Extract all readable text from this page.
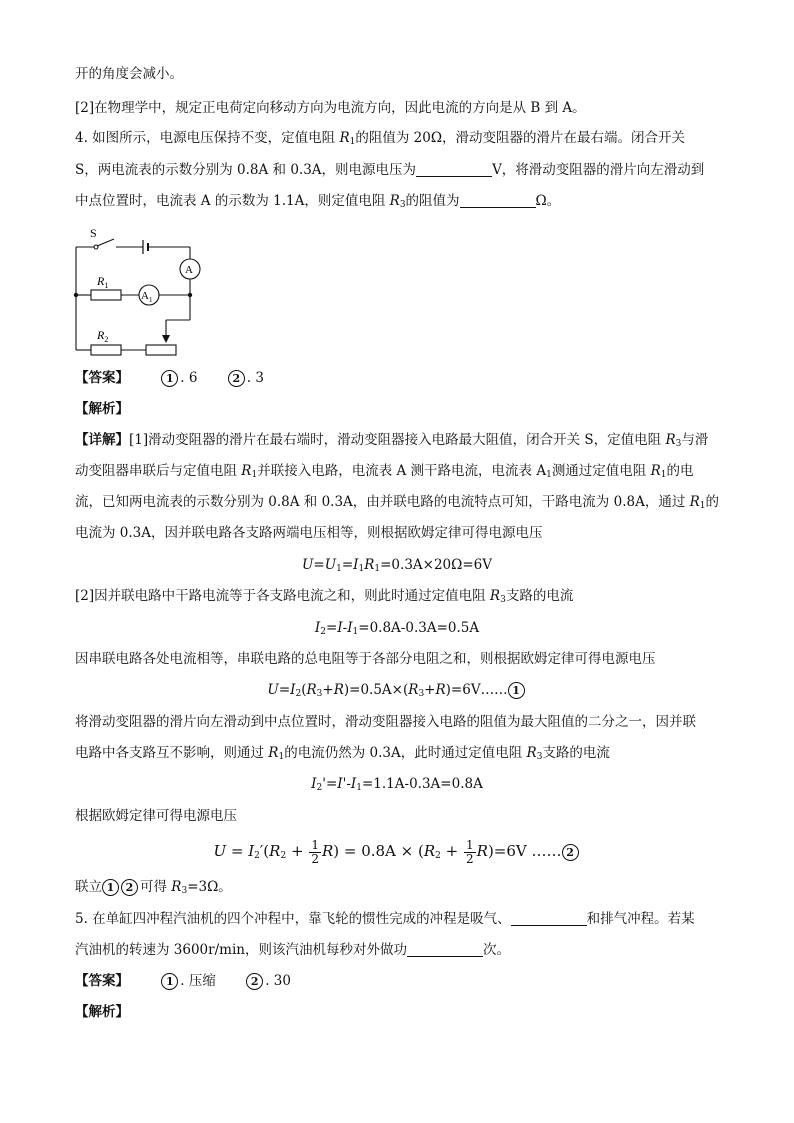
开的角度会减小。
[2]在物理学中，规定正电荷定向移动方向为电流方向，因此电流的方向是从 B 到 A。
4. 如图所示，电源电压保持不变，定值电阻 $R_1$的阻值为 20Ω，滑动变阻器的滑片在最右端。闭合开关
S，两电流表的示数分别为 0.8A 和 0.3A，则电源电压为	V，将滑动变阻器的滑片向左滑动到
中点位置时，电流表 A 的示数为 1.1A，则定值电阻 $R_3$的阻值为	Ω。
S
A
$A_1$
$R_1$
$R_2$
【答案】	1 . 6	2 . 3
【解析】
【详解】[1]滑动变阻器的滑片在最右端时，滑动变阻器接入电路最大阻值，闭合开关 S，定值电阻 $R_3$与滑
动变阻器串联后与定值电阻 $R_1$并联接入电路，电流表 A 测干路电流，电流表 $A_1$测通过定值电阻 $R_1$的电
流，已知两电流表的示数分别为 0.8A 和 0.3A，由并联电路的电流特点可知，干路电流为 0.8A，通过 $R_1$的
电流为 0.3A，因并联电路各支路两端电压相等，则根据欧姆定律可得电源电压
$U=U_1=I_1R_1=0.3A\times 20\Omega=6V$
[2]因并联电路中干路电流等于各支路电流之和，则此时通过定值电阻 $R_3$支路的电流
$I_2=I-I_1=0.8A-0.3A=0.5A$
因串联电路各处电流相等，串联电路的总电阻等于各部分电阻之和，则根据欧姆定律可得电源电压
$U=I_2(R_3+R)=0.5A\times(R_3+R)=6V\dots\dots$ 1
将滑动变阻器的滑片向左滑动到中点位置时，滑动变阻器接入电路的阻值为最大阻值的二分之一，因并联
电路中各支路互不影响，则通过 $R_1$的电流仍然为 0.3A，此时通过定值电阻 $R_3$支路的电流
$I_2'=I'-I_1=1.1A-0.3A=0.8A$
根据欧姆定律可得电源电压
$U = I_2'(R_2 + \frac{1}{2} R) = 0.8A \times (R_2 + \frac{1}{2} R)=6V$ …… 2
联立 1 2 可得 $R_3=3\Omega$。
5. 在单缸四冲程汽油机的四个冲程中，靠飞轮的惯性完成的冲程是吸气、	和排气冲程。若某
汽油机的转速为 3600r/min，则该汽油机每秒对外做功	次。
【答案】	1 . 压缩	2 . 30
【解析】
